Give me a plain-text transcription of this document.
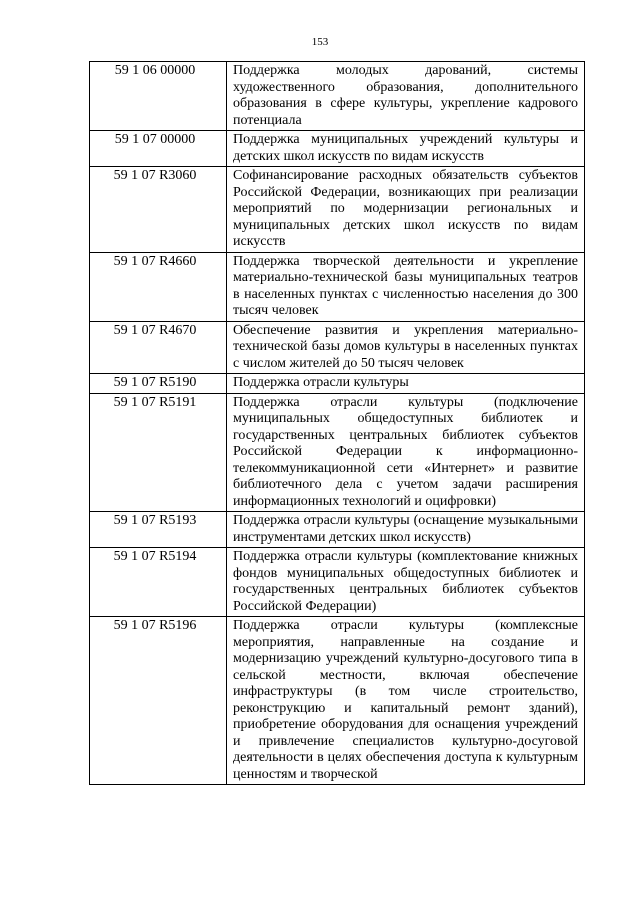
153
59 1 06 00000	Поддержка молодых дарований, системы художественного образования, дополнительного образования в сфере культуры, укрепление кадрового потенциала
59 1 07 00000	Поддержка муниципальных учреждений культуры и детских школ искусств по видам искусств
59 1 07 R3060	Софинансирование расходных обязательств субъектов Российской Федерации, возникающих при реализации мероприятий по модернизации региональных и муниципальных детских школ искусств по видам искусств
59 1 07 R4660	Поддержка творческой деятельности и укрепление материально-технической базы муниципальных театров в населенных пунктах с численностью населения до 300 тысяч человек
59 1 07 R4670	Обеспечение развития и укрепления материально-технической базы домов культуры в населенных пунктах с числом жителей до 50 тысяч человек
59 1 07 R5190	Поддержка отрасли культуры
59 1 07 R5191	Поддержка отрасли культуры (подключение муниципальных общедоступных библиотек и государственных центральных библиотек субъектов Российской Федерации к информационно-телекоммуникационной сети «Интернет» и развитие библиотечного дела с учетом задачи расширения информационных технологий и оцифровки)
59 1 07 R5193	Поддержка отрасли культуры (оснащение музыкальными инструментами детских школ искусств)
59 1 07 R5194	Поддержка отрасли культуры (комплектование книжных фондов муниципальных общедоступных библиотек и государственных центральных библиотек субъектов Российской Федерации)
59 1 07 R5196	Поддержка отрасли культуры (комплексные мероприятия, направленные на создание и модернизацию учреждений культурно-досугового типа в сельской местности, включая обеспечение инфраструктуры (в том числе строительство, реконструкцию и капитальный ремонт зданий), приобретение оборудования для оснащения учреждений и привлечение специалистов культурно-досуговой деятельности в целях обеспечения доступа к культурным ценностям и творческой
